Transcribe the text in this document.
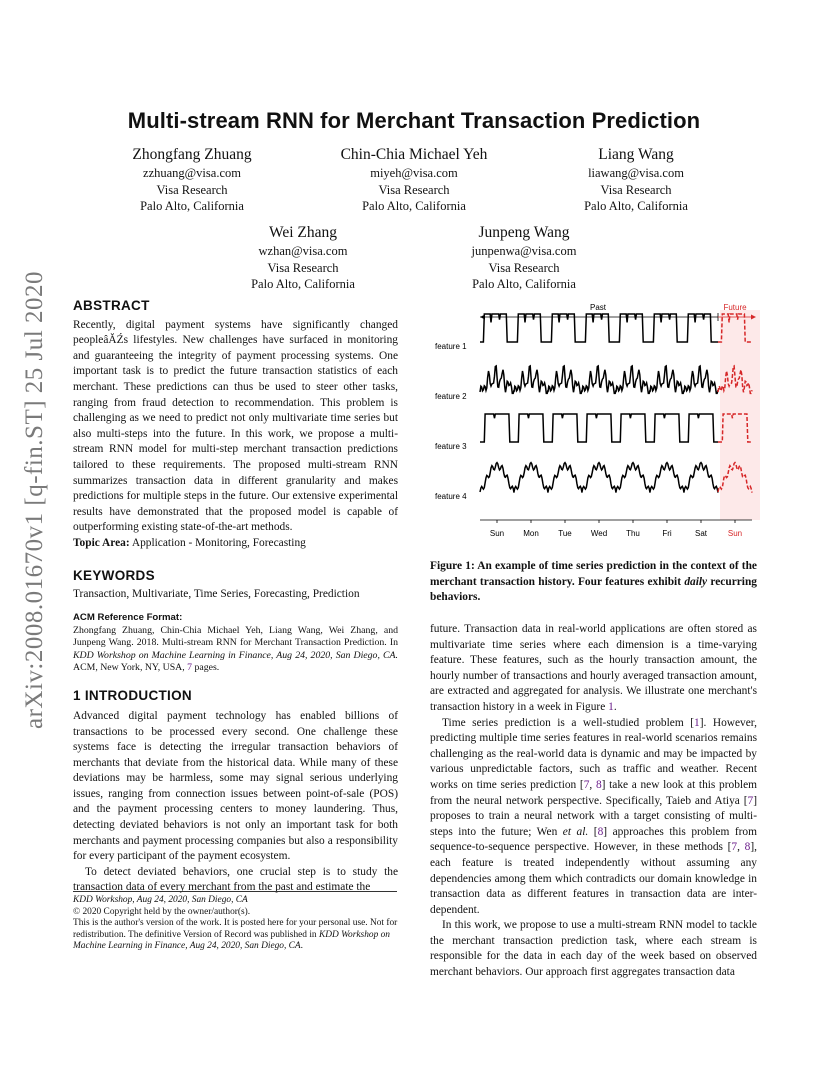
arXiv:2008.01670v1 [q-fin.ST] 25 Jul 2020
Multi-stream RNN for Merchant Transaction Prediction
Zhongfang Zhuang
zzhuang@visa.com
Visa Research
Palo Alto, California
Chin-Chia Michael Yeh
miyeh@visa.com
Visa Research
Palo Alto, California
Liang Wang
liawang@visa.com
Visa Research
Palo Alto, California
Wei Zhang
wzhan@visa.com
Visa Research
Palo Alto, California
Junpeng Wang
junpenwa@visa.com
Visa Research
Palo Alto, California
ABSTRACT

Recently, digital payment systems have significantly changed peopleâĂŹs lifestyles. New challenges have surfaced in monitoring and guaranteeing the integrity of payment processing systems. One important task is to predict the future transaction statistics of each merchant. These predictions can thus be used to steer other tasks, ranging from fraud detection to recommendation. This problem is challenging as we need to predict not only multivariate time series but also multi-steps into the future. In this work, we propose a multi-stream RNN model for multi-step merchant transaction predictions tailored to these requirements. The proposed multi-stream RNN summarizes transaction data in different granularity and makes predictions for multiple steps in the future. Our extensive experimental results have demonstrated that the proposed model is capable of outperforming existing state-of-the-art methods.

Topic Area: Application - Monitoring, Forecasting

KEYWORDS

Transaction, Multivariate, Time Series, Forecasting, Prediction

ACM Reference Format:

Zhongfang Zhuang, Chin-Chia Michael Yeh, Liang Wang, Wei Zhang, and Junpeng Wang. 2018. Multi-stream RNN for Merchant Transaction Prediction. In KDD Workshop on Machine Learning in Finance, Aug 24, 2020, San Diego, CA. ACM, New York, NY, USA, 7 pages.

1 INTRODUCTION

Advanced digital payment technology has enabled billions of transactions to be processed every second. One challenge these systems face is detecting the irregular transaction behaviors of merchants that deviate from the historical data. While many of these deviations may be harmless, some may signal serious underlying issues, ranging from connection issues between point-of-sale (POS) and the payment processing centers to money laundering. Thus, detecting deviated behaviors is not only an important task for both merchants and payment processing companies but also a responsibility for every participant of the payment ecosystem.

To detect deviated behaviors, one crucial step is to study the transaction data of every merchant from the past and estimate the

KDD Workshop, Aug 24, 2020, San Diego, CA
© 2020 Copyright held by the owner/author(s).
This is the author's version of the work. It is posted here for your personal use. Not for redistribution. The definitive Version of Record was published in KDD Workshop on Machine Learning in Finance, Aug 24, 2020, San Diego, CA.
Past	Future
feature 1
feature 2
feature 3
feature 4
Sun Mon Tue Wed Thu	Fri	Sat	Sun
Figure 1: An example of time series prediction in the context of the merchant transaction history. Four features exhibit daily recurring behaviors.

future. Transaction data in real-world applications are often stored as multivariate time series where each dimension is a time-varying feature. These features, such as the hourly transaction amount, the hourly number of transactions and hourly averaged transaction amount, are extracted and aggregated for analysis. We illustrate one merchant's transaction history in a week in Figure 1.

Time series prediction is a well-studied problem [1]. However, predicting multiple time series features in real-world scenarios remains challenging as the real-world data is dynamic and may be impacted by various unpredictable factors, such as traffic and weather. Recent works on time series prediction [7, 8] take a new look at this problem from the neural network perspective. Specifically, Taieb and Atiya [7] proposes to train a neural network with a target consisting of multi-steps into the future; Wen et al. [8] approaches this problem from sequence-to-sequence perspective. However, in these methods [7, 8], each feature is treated independently without assuming any dependencies among them which contradicts our domain knowledge in transaction data as different features in transaction data are inter-dependent.

In this work, we propose to use a multi-stream RNN model to tackle the merchant transaction prediction task, where each stream is responsible for the data in each day of the week based on observed merchant behaviors. Our approach first aggregates transaction data
